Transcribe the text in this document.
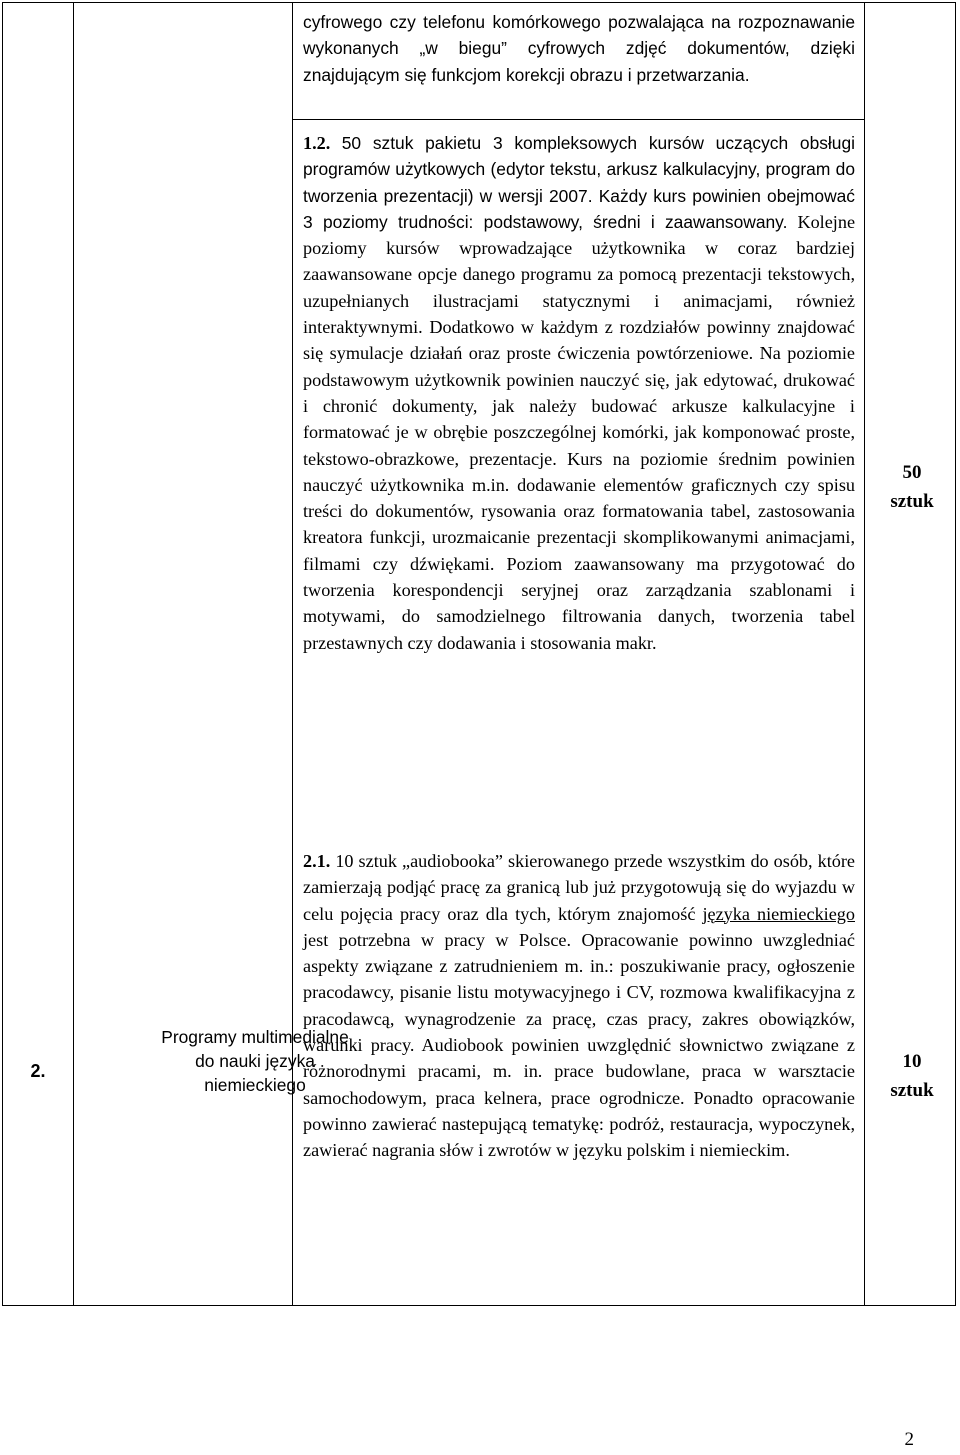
2.
Programy multimedialne do nauki języka niemieckiego

cyfrowego czy telefonu komórkowego pozwalająca na rozpoznawanie wykonanych „w biegu” cyfrowych zdjęć dokumentów, dzięki znajdującym się funkcjom korekcji obrazu i przetwarzania.

1.2. 50 sztuk pakietu 3 kompleksowych kursów uczących obsługi programów użytkowych (edytor tekstu, arkusz kalkulacyjny, program do tworzenia prezentacji) w wersji 2007. Każdy kurs powinien obejmować 3 poziomy trudności: podstawowy, średni i zaawansowany. Kolejne poziomy kursów wprowadzające użytkownika w coraz bardziej zaawansowane opcje danego programu za pomocą prezentacji tekstowych, uzupełnianych ilustracjami statycznymi i animacjami, również interaktywnymi. Dodatkowo w każdym z rozdziałów powinny znajdować się symulacje działań oraz proste ćwiczenia powtórzeniowe. Na poziomie podstawowym użytkownik powinien nauczyć się, jak edytować, drukować i chronić dokumenty, jak należy budować arkusze kalkulacyjne i formatować je w obrębie poszczególnej komórki, jak komponować proste, tekstowo-obrazkowe, prezentacje. Kurs na poziomie średnim powinien nauczyć użytkownika m.in. dodawanie elementów graficznych czy spisu treści do dokumentów, rysowania oraz formatowania tabel, zastosowania kreatora funkcji, urozmaicanie prezentacji skomplikowanymi animacjami, filmami czy dźwiękami. Poziom zaawansowany ma przygotować do tworzenia korespondencji seryjnej oraz zarządzania szablonami i motywami, do samodzielnego filtrowania danych, tworzenia tabel przestawnych czy dodawania i stosowania makr.

2.1. 10 sztuk „audiobooka” skierowanego przede wszystkim do osób, które zamierzają podjąć pracę za granicą lub już przygotowują się do wyjazdu w celu pojęcia pracy oraz dla tych, którym znajomość języka niemieckiego jest potrzebna w pracy w Polsce. Opracowanie powinno uwzgledniać aspekty związane z zatrudnieniem m. in.: poszukiwanie pracy, ogłoszenie pracodawcy, pisanie listu motywacyjnego i CV, rozmowa kwalifikacyjna z pracodawcą, wynagrodzenie za pracę, czas pracy, zakres obowiązków, warunki pracy. Audiobook powinien uwzględnić słownictwo związane z różnorodnymi pracami, m. in. prace budowlane, praca w warsztacie samochodowym, praca kelnera, prace ogrodnicze. Ponadto opracowanie powinno zawierać nastepującą tematykę: podróż, restauracja, wypoczynek, zawierać nagrania słów i zwrotów w języku polskim i niemieckim.

50
sztuk
10
sztuk
2
